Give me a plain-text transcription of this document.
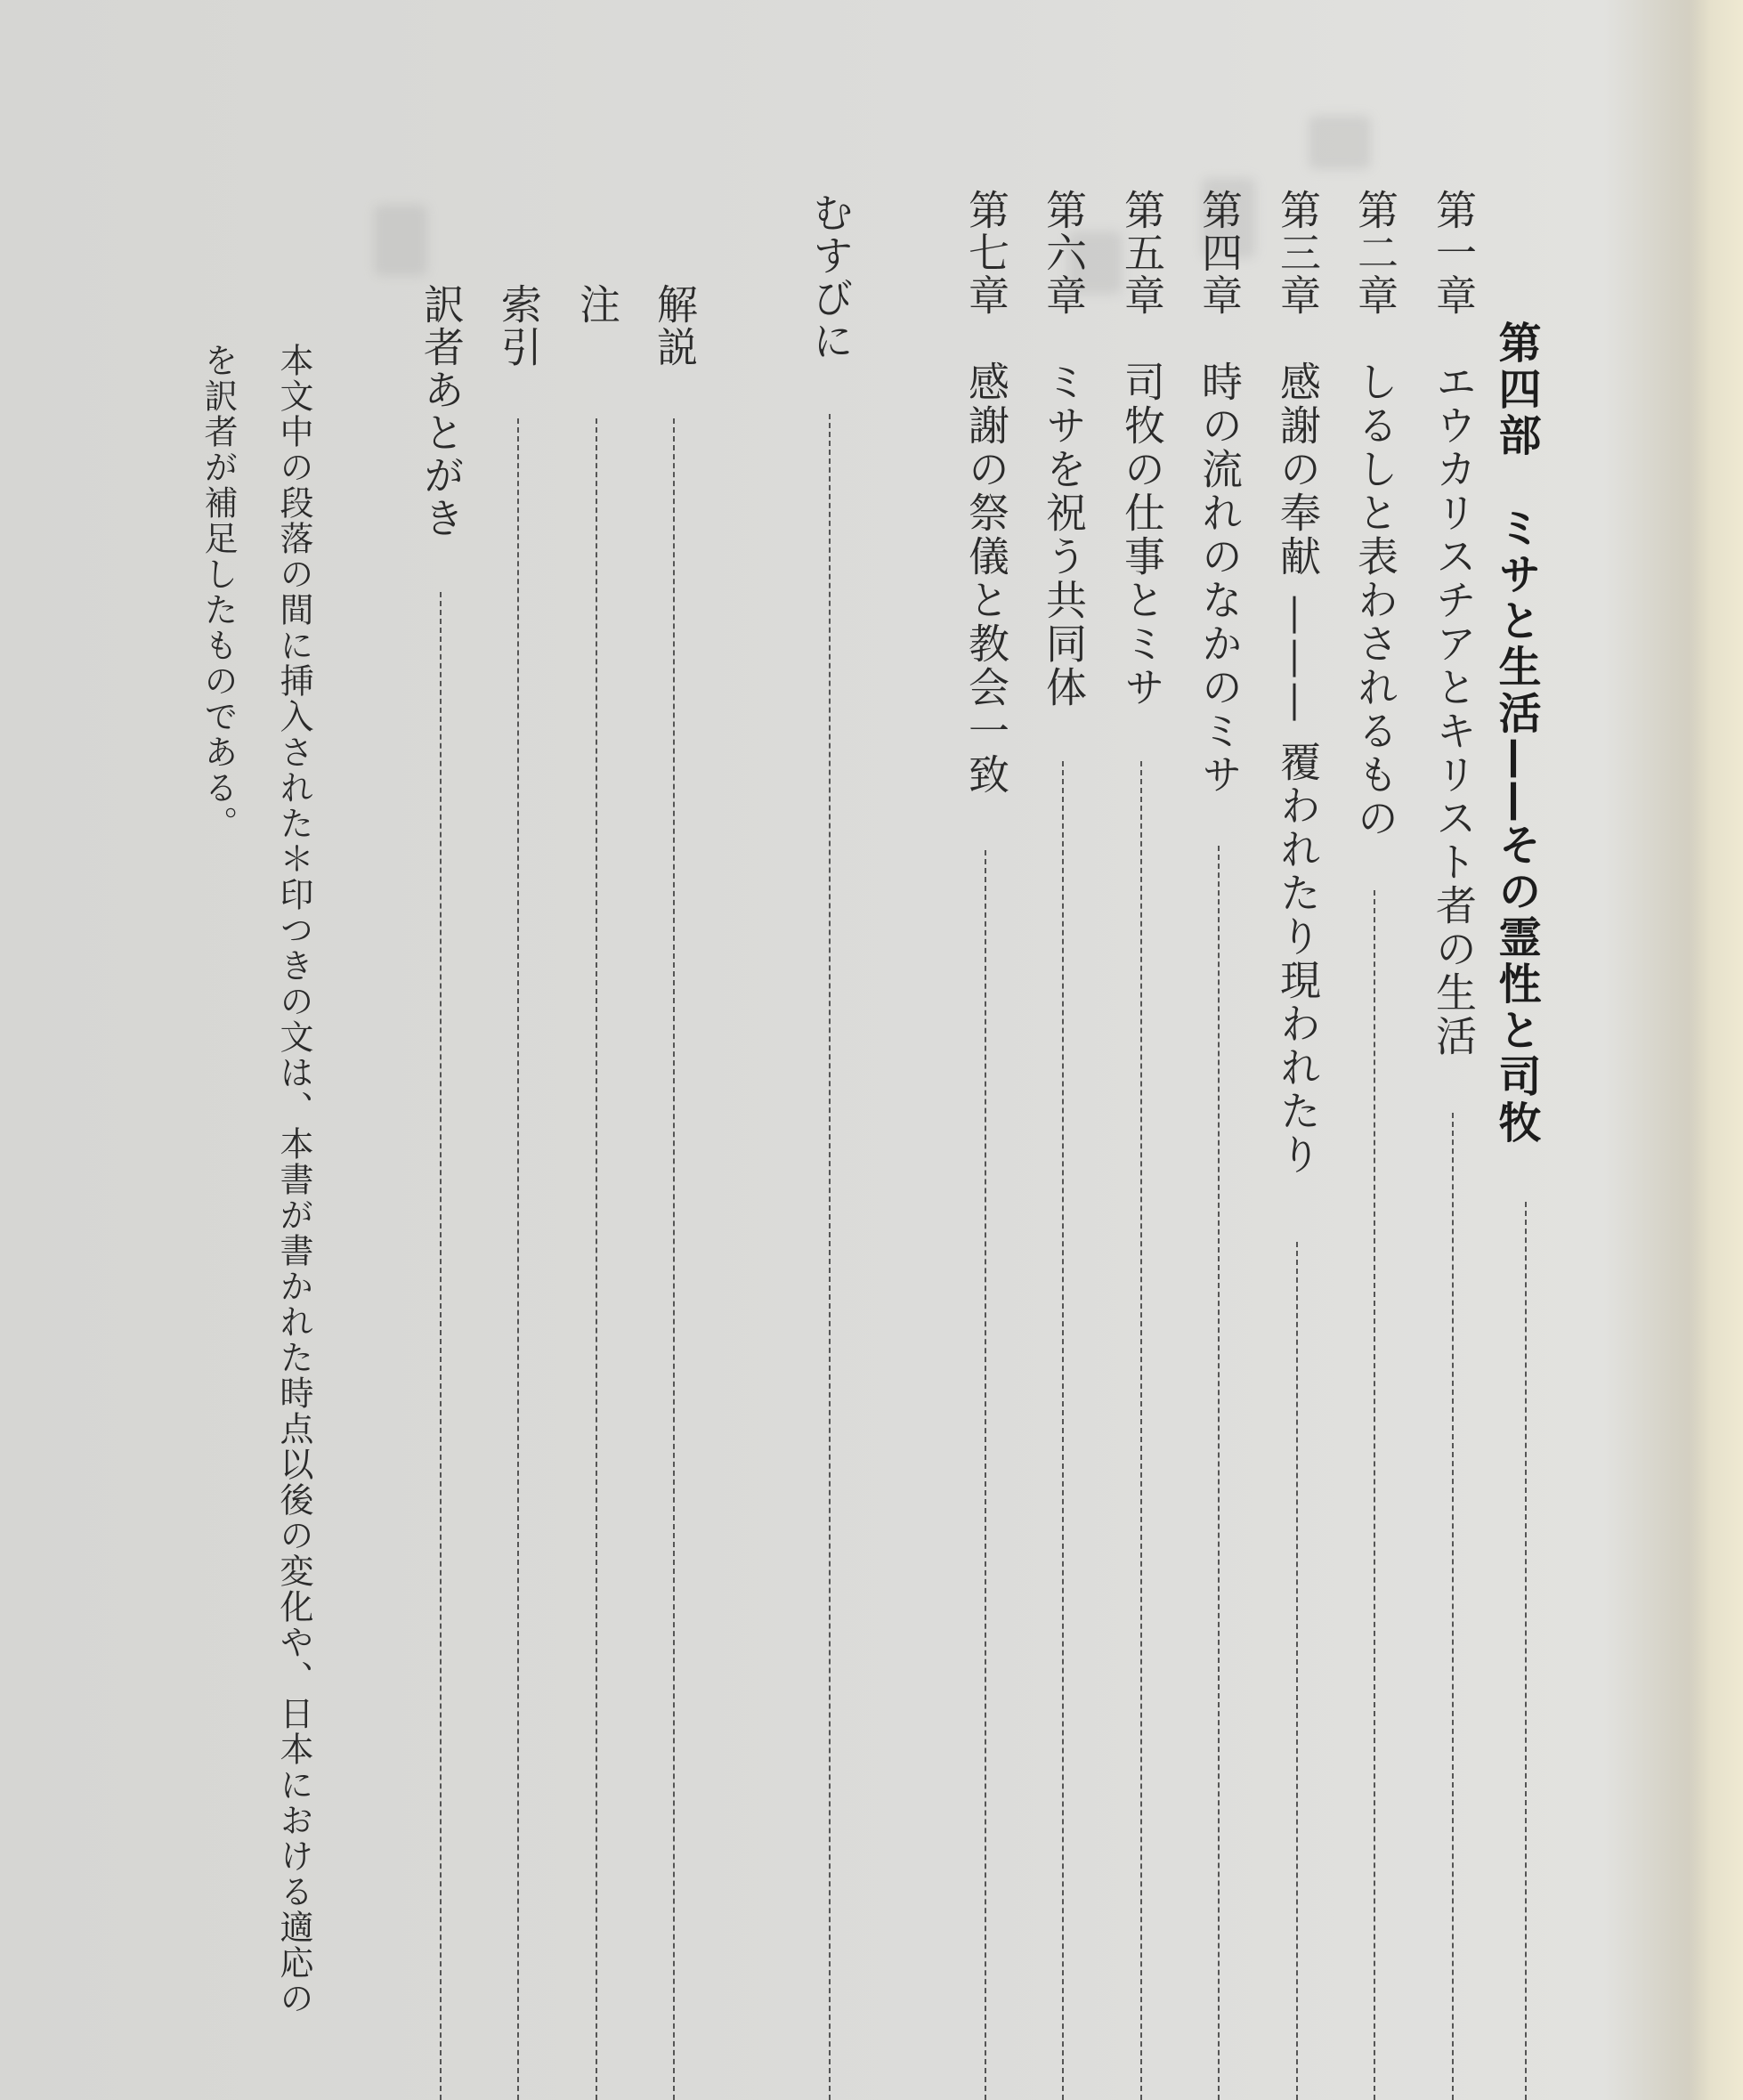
第四部　ミサと生活——その霊性と司牧
第一章
エウカリスチアとキリスト者の生活
第二章
しるしと表わされるもの
第三章
感謝の奉献 ——— 覆われたり現われたり
第四章
時の流れのなかのミサ
第五章
司牧の仕事とミサ
第六章
ミサを祝う共同体
第七章
感謝の祭儀と教会一致
むすびに
解説
注
索引
訳者あとがき
本文中の段落の間に挿入された＊印つきの文は、本書が書かれた時点以後の変化や、日本における適応の
を訳者が補足したものである。
